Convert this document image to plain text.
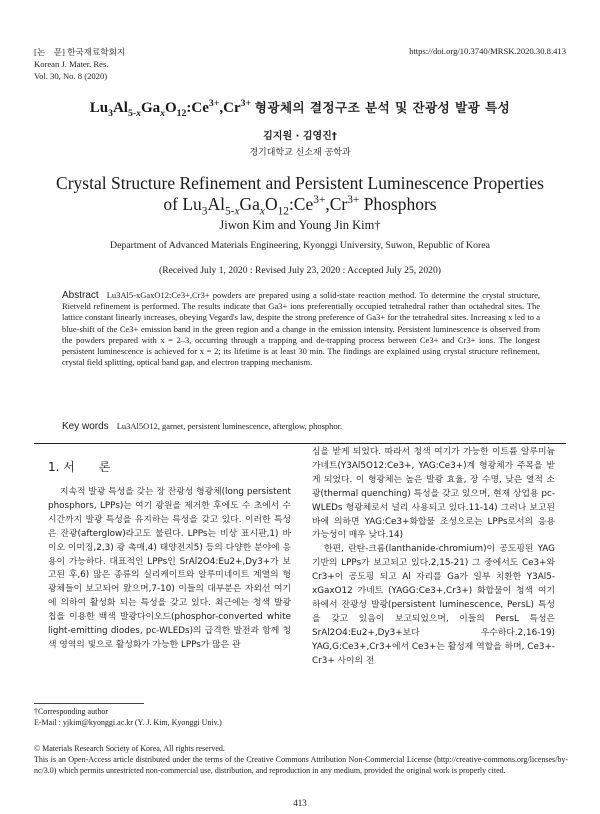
[논　문] 한국재료학회지
Korean J. Mater. Res.
Vol. 30, No. 8 (2020)
https://doi.org/10.3740/MRSK.2020.30.8.413
$Lu_3Al_{5-x}Ga_xO_{12}:Ce^{3+},Cr^{3+}$ 형광체의 결정구조 분석 및 잔광성 발광 특성
김지원 · 김영진†
경기대학교 신소재 공학과
Crystal Structure Refinement and Persistent Luminescence Properties
of $Lu_3Al_{5-x}Ga_xO_{12}:Ce^{3+},Cr^{3+}$ Phosphors
Jiwon Kim and Young Jin Kim†
Department of Advanced Materials Engineering, Kyonggi University, Suwon, Republic of Korea
(Received July 1, 2020 : Revised July 23, 2020 : Accepted July 25, 2020)
Abstract Lu3Al5-xGaxO12:Ce3+,Cr3+ powders are prepared using a solid-state reaction method. To determine the crystal structure, Rietveld refinement is performed. The results indicate that Ga3+ ions preferentially occupied tetrahedral rather than octahedral sites. The lattice constant linearly increases, obeying Vegard's law, despite the strong preference of Ga3+ for the tetrahedral sites. Increasing x led to a blue-shift of the Ce3+ emission band in the green region and a change in the emission intensity. Persistent luminescence is observed from the powders prepared with x = 2–3, occurring through a trapping and de-trapping process between Ce3+ and Cr3+ ions. The longest persistent luminescence is achieved for x = 2; its lifetime is at least 30 min. The findings are explained using crystal structure refinement, crystal field splitting, optical band gap, and electron trapping mechanism.
Key words Lu3Al5O12, garnet, persistent luminescence, afterglow, phosphor.
1. 서　　론

지속적 발광 특성을 갖는 장 잔광성 형광체(long persistent phosphors, LPPs)는 여기 광원을 제거한 후에도 수 초에서 수 시간까지 발광 특성을 유지하는 특성을 갖고 있다. 이러한 특성은 잔광(afterglow)라고도 불린다. LPPs는 비상 표시판,1) 바이오 이미징,2,3) 광 촉매,4) 태양전지5) 등의 다양한 분야에 응용이 가능하다. 대표적인 LPPs인 SrAl2O4:Eu2+,Dy3+가 보고된 후,6) 많은 종류의 실리케이트와 알루미네이트 계열의 형광체들이 보고되어 왔으며,7-10) 이들의 대부분은 자외선 여기에 의하여 활성화 되는 특성을 갖고 있다. 최근에는 청색 발광 칩을 이용한 백색 발광다이오드(phosphor-converted white light-emitting diodes, pc-WLEDs)의 급격한 발전과 함께 청색 영역의 빛으로 활성화가 가능한 LPPs가 많은 관

심을 받게 되었다. 따라서 청색 여기가 가능한 이트륨 알루미늄 가네트(Y3Al5O12:Ce3+, YAG:Ce3+)계 형광체가 주목을 받게 되었다. 이 형광체는 높은 발광 효율, 장 수명, 낮은 열적 소광(thermal quenching) 특성을 갖고 있으며, 현재 상업용 pc-WLEDs 형광체로서 널리 사용되고 있다.11-14) 그러나 보고된 바에 의하면 YAG:Ce3+화합물 조성으로는 LPPs로서의 응용 가능성이 매우 낮다.14)

한편, 란탄-크롬(lanthanide-chromium)이 공도핑된 YAG 기반의 LPPs가 보고되고 있다.2,15-21) 그 중에서도 Ce3+와 Cr3+이 공도핑 되고 Al 자리를 Ga가 일부 치환한 Y3Al5-xGaxO12 가네트 (YAGG:Ce3+,Cr3+) 화합물이 청색 여기 하에서 잔광성 발광(persistent luminescence, PersL) 특성을 갖고 있음이 보고되었으며, 이들의 PersL 특성은 SrAl2O4:Eu2+,Dy3+보다 우수하다.2,16-19) YAG,G:Ce3+,Cr3+에서 Ce3+는 활성제 역할을 하며, Ce3+-Cr3+ 사이의 전

†Corresponding author
E-Mail : yjkim@kyonggi.ac.kr (Y. J. Kim, Kyonggi Univ.)
© Materials Research Society of Korea, All rights reserved.
This is an Open-Access article distributed under the terms of the Creative Commons Attribution Non-Commercial License (http://creative-commons.org/licenses/by-nc/3.0) which permits unrestricted non-commercial use, distribution, and reproduction in any medium, provided the original work is properly cited.
413
